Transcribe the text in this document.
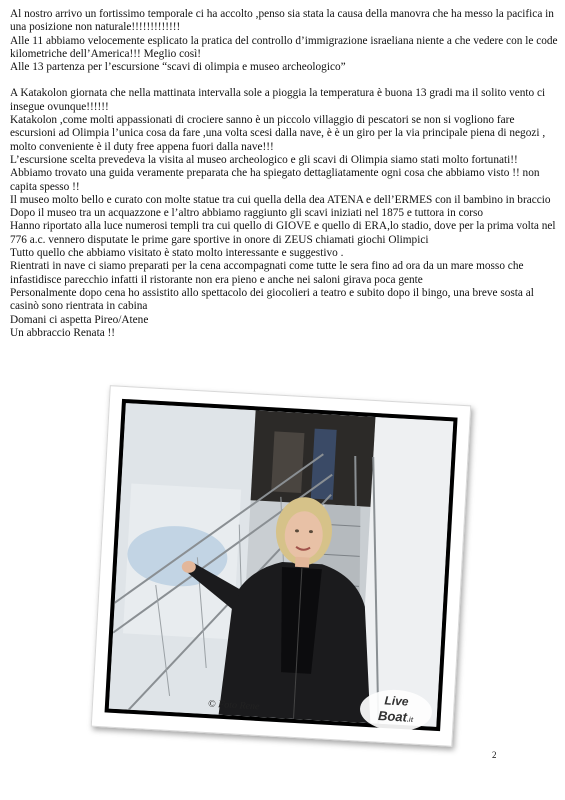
Al nostro arrivo un fortissimo temporale ci ha accolto ,penso sia stata la causa della manovra che ha messo la pacifica in una posizione non naturale!!!!!!!!!!!!!

Alle 11 abbiamo velocemente esplicato la pratica del controllo d’immigrazione israeliana niente a che vedere con le code kilometriche dell’America!!! Meglio così!

Alle 13 partenza per l’escursione “scavi di olimpia e museo archeologico”

A Katakolon giornata che nella mattinata intervalla sole a pioggia la temperatura è buona 13 gradi ma il solito vento ci insegue ovunque!!!!!!

Katakolon ,come molti appassionati di crociere sanno è un piccolo villaggio di pescatori se non si vogliono fare escursioni ad Olimpia l’unica cosa da fare ,una volta scesi dalla nave, è è un giro per la via principale piena di negozi , molto conveniente è il duty free appena fuori dalla nave!!!

L’escursione scelta prevedeva la visita al museo archeologico e gli scavi di Olimpia siamo stati molto fortunati!! Abbiamo trovato una guida veramente preparata che ha spiegato dettagliatamente ogni cosa che abbiamo visto !! non capita spesso !!

Il museo molto bello e curato con molte statue tra cui quella della dea ATENA e dell’ERMES con il bambino in braccio

Dopo il museo tra un acquazzone e l’altro abbiamo raggiunto gli scavi iniziati nel 1875 e tuttora in corso

Hanno riportato alla luce numerosi templi tra cui quello di GIOVE e quello di ERA,lo stadio, dove per la prima volta nel 776 a.c. vennero disputate le prime gare sportive in onore di ZEUS chiamati giochi Olimpici

Tutto quello che abbiamo visitato è stato molto interessante e suggestivo .

Rientrati in nave ci siamo preparati per la cena accompagnati come tutte le sera fino ad ora da un mare mosso che infastidisce parecchio infatti il ristorante non era pieno e anche nei saloni girava poca gente

Personalmente dopo cena ho assistito allo spettacolo dei giocolieri a teatro e subito dopo il bingo, una breve sosta al casinò sono rientrata in cabina

Domani ci aspetta Pireo/Atene

Un abbraccio Renata !!

© Foto Rene	Live
Boat.it
2
